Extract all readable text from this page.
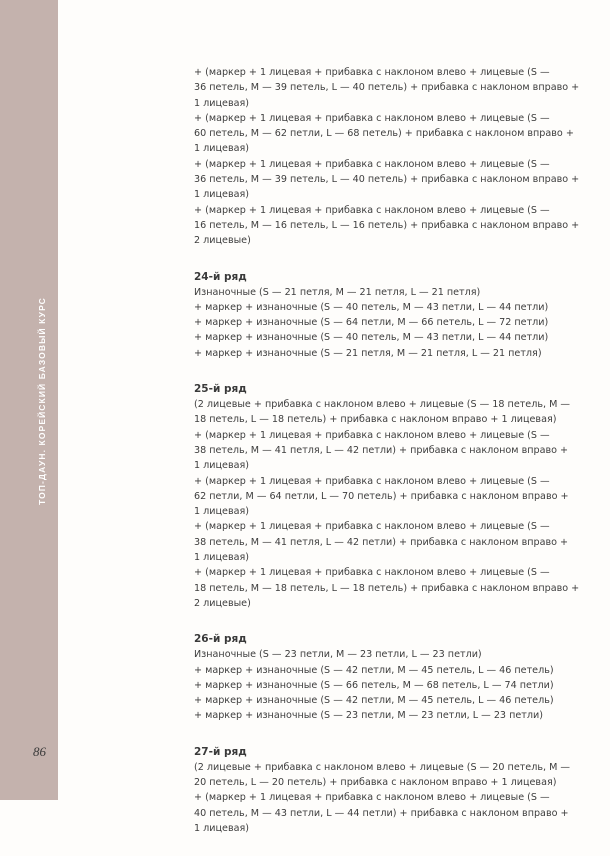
ТОП-ДАУН. КОРЕЙСКИЙ БАЗОВЫЙ КУРС
86
+ (маркер + 1 лицевая + прибавка с наклоном влево + лицевые (S —
36 петель, M — 39 петель, L — 40 петель) + прибавка с наклоном вправо +
1 лицевая)
+ (маркер + 1 лицевая + прибавка с наклоном влево + лицевые (S —
60 петель, M — 62 петли, L — 68 петель) + прибавка с наклоном вправо +
1 лицевая)
+ (маркер + 1 лицевая + прибавка с наклоном влево + лицевые (S —
36 петель, M — 39 петель, L — 40 петель) + прибавка с наклоном вправо +
1 лицевая)
+ (маркер + 1 лицевая + прибавка с наклоном влево + лицевые (S —
16 петель, M — 16 петель, L — 16 петель) + прибавка с наклоном вправо +
2 лицевые)
24-й ряд
Изнаночные (S — 21 петля, M — 21 петля, L — 21 петля)
+ маркер + изнаночные (S — 40 петель, M — 43 петли, L — 44 петли)
+ маркер + изнаночные (S — 64 петли, M — 66 петель, L — 72 петли)
+ маркер + изнаночные (S — 40 петель, M — 43 петли, L — 44 петли)
+ маркер + изнаночные (S — 21 петля, M — 21 петля, L — 21 петля)
25-й ряд
(2 лицевые + прибавка с наклоном влево + лицевые (S — 18 петель, M —
18 петель, L — 18 петель) + прибавка с наклоном вправо + 1 лицевая)
+ (маркер + 1 лицевая + прибавка с наклоном влево + лицевые (S —
38 петель, M — 41 петля, L — 42 петли) + прибавка с наклоном вправо +
1 лицевая)
+ (маркер + 1 лицевая + прибавка с наклоном влево + лицевые (S —
62 петли, M — 64 петли, L — 70 петель) + прибавка с наклоном вправо +
1 лицевая)
+ (маркер + 1 лицевая + прибавка с наклоном влево + лицевые (S —
38 петель, M — 41 петля, L — 42 петли) + прибавка с наклоном вправо +
1 лицевая)
+ (маркер + 1 лицевая + прибавка с наклоном влево + лицевые (S —
18 петель, M — 18 петель, L — 18 петель) + прибавка с наклоном вправо +
2 лицевые)
26-й ряд
Изнаночные (S — 23 петли, M — 23 петли, L — 23 петли)
+ маркер + изнаночные (S — 42 петли, M — 45 петель, L — 46 петель)
+ маркер + изнаночные (S — 66 петель, M — 68 петель, L — 74 петли)
+ маркер + изнаночные (S — 42 петли, M — 45 петель, L — 46 петель)
+ маркер + изнаночные (S — 23 петли, M — 23 петли, L — 23 петли)
27-й ряд
(2 лицевые + прибавка с наклоном влево + лицевые (S — 20 петель, M —
20 петель, L — 20 петель) + прибавка с наклоном вправо + 1 лицевая)
+ (маркер + 1 лицевая + прибавка с наклоном влево + лицевые (S —
40 петель, M — 43 петли, L — 44 петли) + прибавка с наклоном вправо +
1 лицевая)
